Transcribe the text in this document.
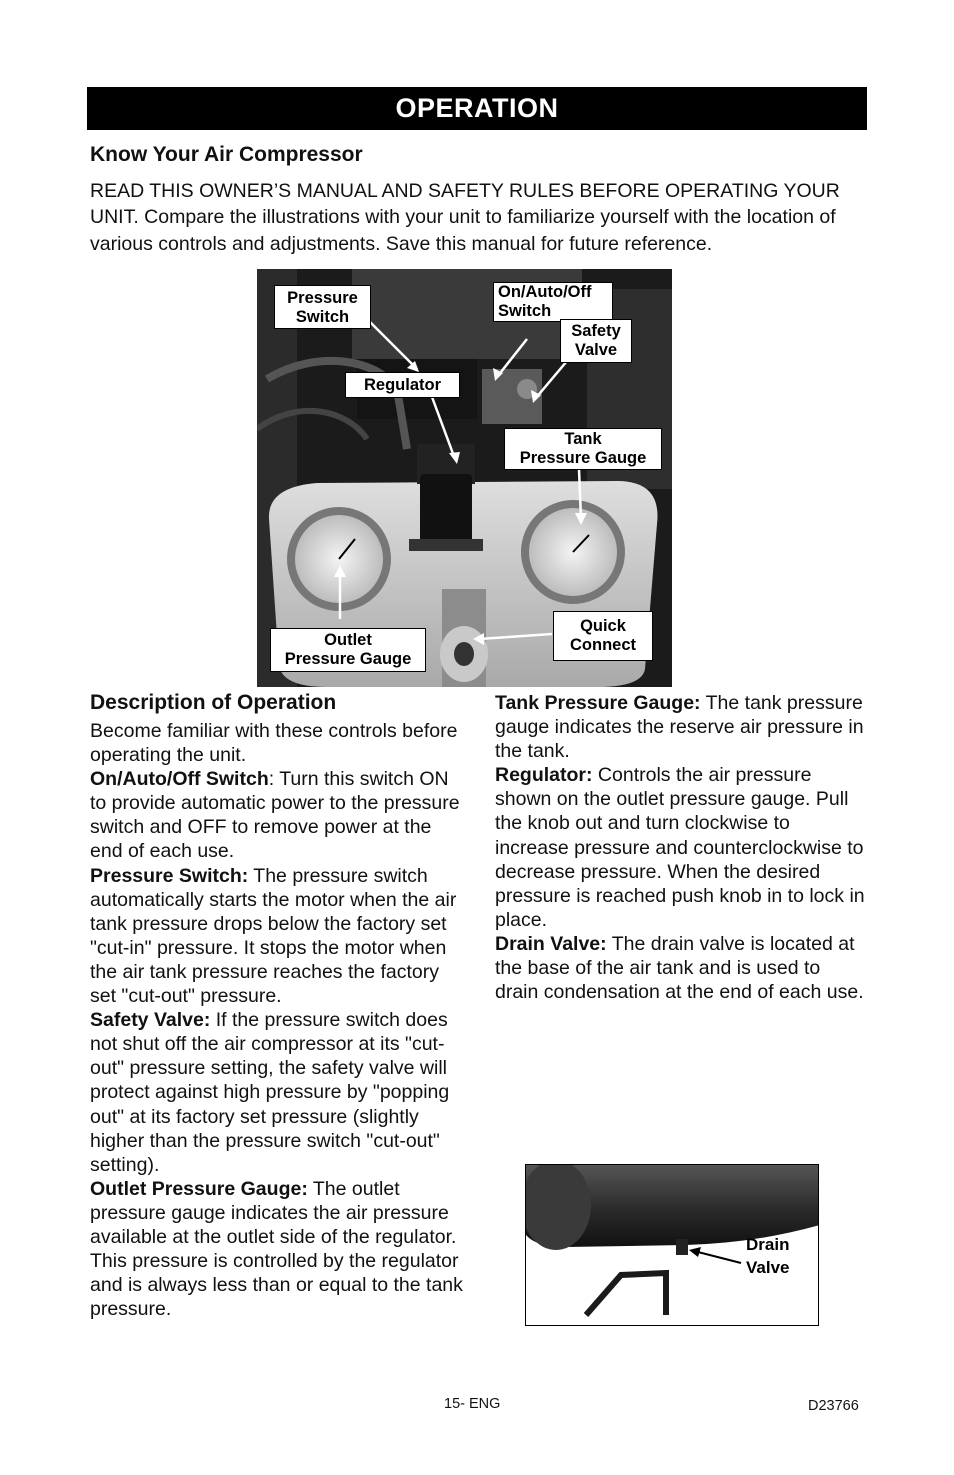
OPERATION
Know Your Air Compressor
READ THIS OWNER’S MANUAL AND SAFETY RULES BEFORE OPERATING YOUR UNIT. Compare the illustrations with your unit to familiarize yourself with the location of various controls and adjustments. Save this manual for future reference.
Pressure
Switch
On/Auto/Off
Switch
Safety
Valve
Regulator
Tank
Pressure Gauge
Quick
Connect
Outlet
Pressure Gauge
Description of Operation

Become familiar with these controls before operating the unit.

On/Auto/Off Switch: Turn this switch ON to provide automatic power to the pressure switch and OFF to remove power at the end of each use.

Pressure Switch: The pressure switch automatically starts the motor when the air tank pressure drops below the factory set "cut-in" pressure. It stops the motor when the air tank pressure reaches the factory set "cut-out" pressure.

Safety Valve: If the pressure switch does not shut off the air compressor at its "cut-out" pressure setting, the safety valve will protect against high pressure by "popping out" at its factory set pressure (slightly higher than the pressure switch "cut-out" setting).

Outlet Pressure Gauge: The outlet pressure gauge indicates the air pressure available at the outlet side of the regulator. This pressure is controlled by the regulator and is always less than or equal to the tank pressure.

Tank Pressure Gauge: The tank pressure gauge indicates the reserve air pressure in the tank.

Regulator: Controls the air pressure shown on the outlet pressure gauge. Pull the knob out and turn clockwise to increase pressure and counterclockwise to decrease pressure. When the desired pressure is reached push knob in to lock in place.

Drain Valve: The drain valve is located at the base of the air tank and is used to drain condensation at the end of each use.

Drain
Valve
15- ENG	D23766
